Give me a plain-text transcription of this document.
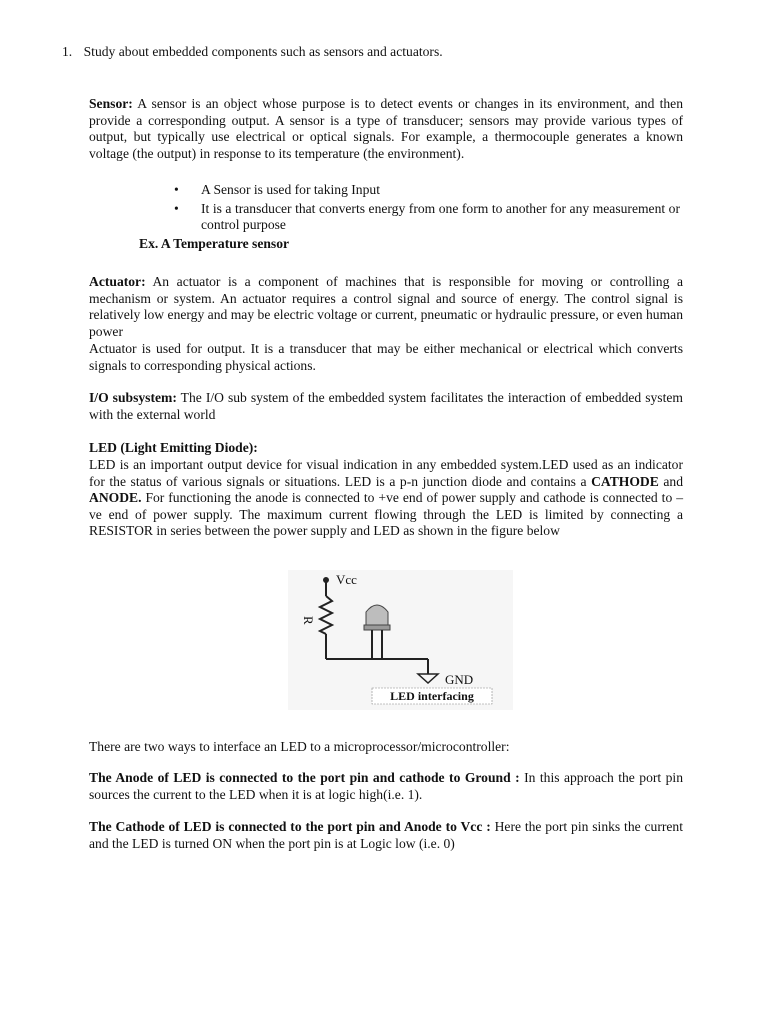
1. Study about embedded components such as sensors and actuators.

Sensor: A sensor is an object whose purpose is to detect events or changes in its environment, and then provide a corresponding output. A sensor is a type of transducer; sensors may provide various types of output, but typically use electrical or optical signals. For example, a thermocouple generates a known voltage (the output) in response to its temperature (the environment).

• A Sensor is used for taking Input
• It is a transducer that converts energy from one form to another for any measurement or control purpose
Ex. A Temperature sensor

Actuator: An actuator is a component of machines that is responsible for moving or controlling a mechanism or system. An actuator requires a control signal and source of energy. The control signal is relatively low energy and may be electric voltage or current, pneumatic or hydraulic pressure, or even human power

Actuator is used for output. It is a transducer that may be either mechanical or electrical which converts signals to corresponding physical actions.

I/O subsystem: The I/O sub system of the embedded system facilitates the interaction of embedded system with the external world

LED (Light Emitting Diode):

LED is an important output device for visual indication in any embedded system.LED used as an indicator for the status of various signals or situations. LED is a p-n junction diode and contains a CATHODE and ANODE. For functioning the anode is connected to +ve end of power supply and cathode is connected to –ve end of power supply. The maximum current flowing through the LED is limited by connecting a RESISTOR in series between the power supply and LED as shown in the figure below

Vcc
R
GND
LED interfacing

There are two ways to interface an LED to a microprocessor/microcontroller:

The Anode of LED is connected to the port pin and cathode to Ground : In this approach the port pin sources the current to the LED when it is at logic high(i.e. 1).

The Cathode of LED is connected to the port pin and Anode to Vcc : Here the port pin sinks the current and the LED is turned ON when the port pin is at Logic low (i.e. 0)
